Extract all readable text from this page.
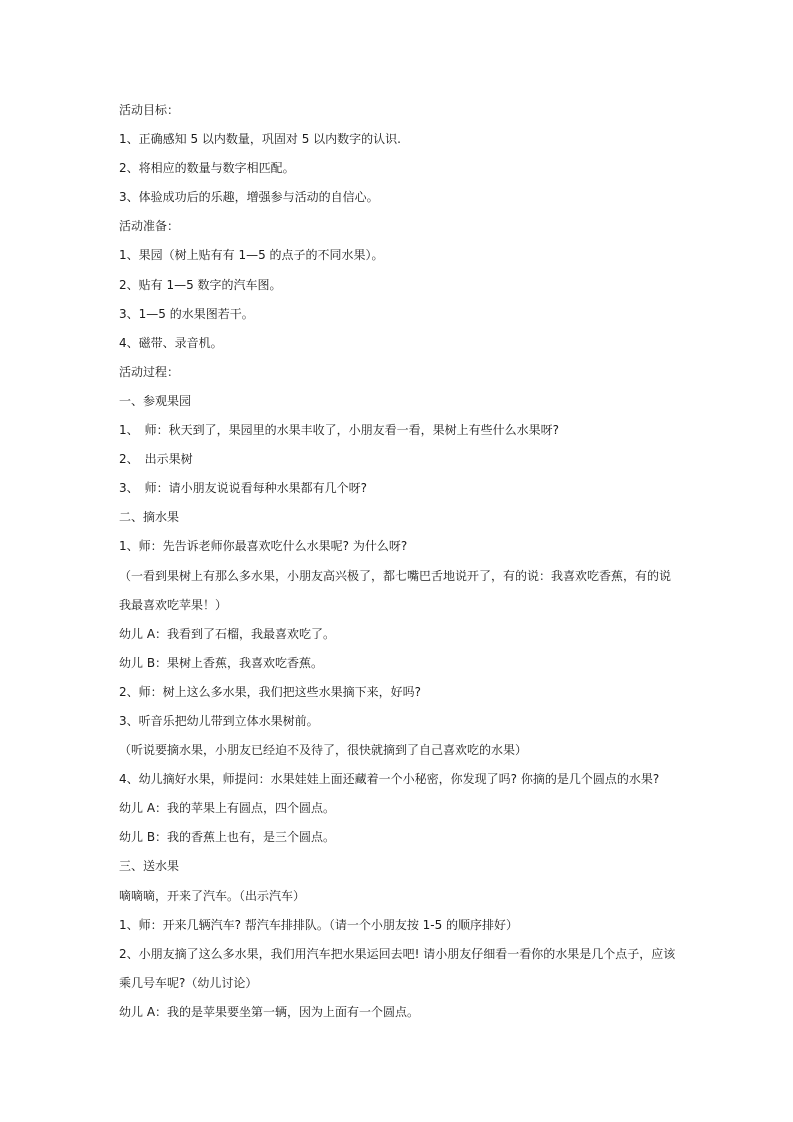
活动目标：
1、正确感知 5 以内数量，巩固对 5 以内数字的认识.
2、将相应的数量与数字相匹配。
3、体验成功后的乐趣，增强参与活动的自信心。
活动准备：
1、果园（树上贴有有 1—5 的点子的不同水果）。
2、贴有 1—5 数字的汽车图。
3、1—5 的水果图若干。
4、磁带、录音机。
活动过程：
一、参观果园
1、　师：秋天到了，果园里的水果丰收了，小朋友看一看，果树上有些什么水果呀?
2、　出示果树
3、　师：请小朋友说说看每种水果都有几个呀?
二、摘水果
1、师：先告诉老师你最喜欢吃什么水果呢? 为什么呀?
（一看到果树上有那么多水果，小朋友高兴极了，都七嘴巴舌地说开了，有的说：我喜欢吃香蕉，有的说
我最喜欢吃苹果！）
幼儿 A：我看到了石榴，我最喜欢吃了。
幼儿 B：果树上香蕉，我喜欢吃香蕉。
2、师：树上这么多水果，我们把这些水果摘下来，好吗?
3、听音乐把幼儿带到立体水果树前。
（听说要摘水果，小朋友已经迫不及待了，很快就摘到了自己喜欢吃的水果）
4、幼儿摘好水果，师提问：水果娃娃上面还藏着一个小秘密，你发现了吗? 你摘的是几个圆点的水果?
幼儿 A：我的苹果上有圆点，四个圆点。
幼儿 B：我的香蕉上也有，是三个圆点。
三、送水果
嘀嘀嘀，开来了汽车。（出示汽车）
1、师：开来几辆汽车? 帮汽车排排队。（请一个小朋友按 1-5 的顺序排好）
2、小朋友摘了这么多水果，我们用汽车把水果运回去吧! 请小朋友仔细看一看你的水果是几个点子，应该
乘几号车呢?（幼儿讨论）
幼儿 A：我的是苹果要坐第一辆，因为上面有一个圆点。
